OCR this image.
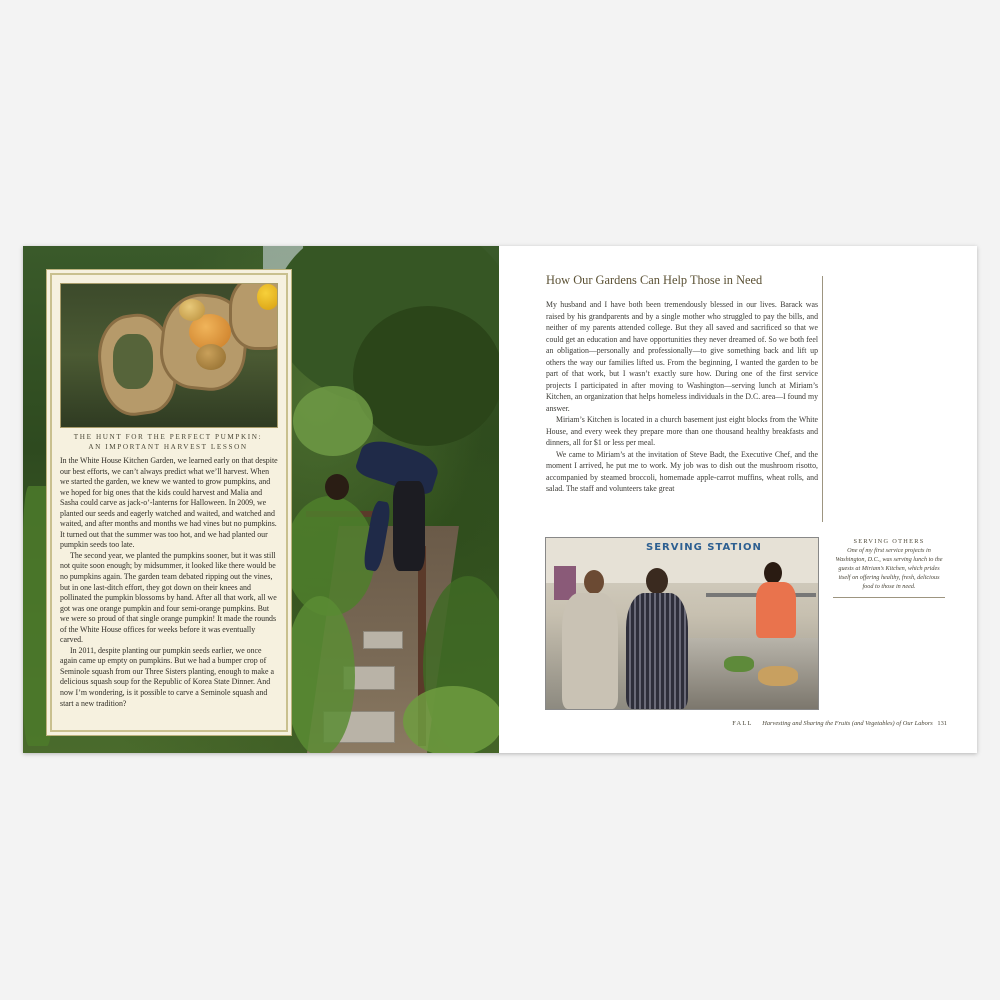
THE HUNT FOR THE PERFECT PUMPKIN:
AN IMPORTANT HARVEST LESSON

In the White House Kitchen Garden, we learned early on that despite our best efforts, we can’t always predict what we’ll harvest. When we started the garden, we knew we wanted to grow pumpkins, and we hoped for big ones that the kids could harvest and Malia and Sasha could carve as jack-o’-lanterns for Halloween. In 2009, we planted our seeds and eagerly watched and waited, and watched and waited, and after months and months we had vines but no pumpkins. It turned out that the summer was too hot, and we had planted our pumpkin seeds too late.

The second year, we planted the pumpkins sooner, but it was still not quite soon enough; by midsummer, it looked like there would be no pumpkins again. The garden team debated ripping out the vines, but in one last-ditch effort, they got down on their knees and pollinated the pumpkin blossoms by hand. After all that work, all we got was one orange pumpkin and four semi-orange pumpkins. But we were so proud of that single orange pumpkin! It made the rounds of the White House offices for weeks before it was eventually carved.

In 2011, despite planting our pumpkin seeds earlier, we once again came up empty on pumpkins. But we had a bumper crop of Seminole squash from our Three Sisters planting, enough to make a delicious squash soup for the Republic of Korea State Dinner. And now I’m wondering, is it possible to carve a Seminole squash and start a new tradition?

How Our Gardens Can Help Those in Need

My husband and I have both been tremendously blessed in our lives. Barack was raised by his grandparents and by a single mother who struggled to pay the bills, and neither of my parents attended college. But they all saved and sacrificed so that we could get an education and have opportunities they never dreamed of. So we both feel an obligation—personally and professionally—to give something back and lift up others the way our families lifted us. From the beginning, I wanted the garden to be part of that work, but I wasn’t exactly sure how. During one of the first service projects I participated in after moving to Washington—serving lunch at Miriam’s Kitchen, an organization that helps homeless individuals in the D.C. area—I found my answer.

Miriam’s Kitchen is located in a church basement just eight blocks from the White House, and every week they prepare more than one thousand healthy breakfasts and dinners, all for $1 or less per meal.

We came to Miriam’s at the invitation of Steve Badt, the Executive Chef, and the moment I arrived, he put me to work. My job was to dish out the mushroom risotto, accompanied by steamed broccoli, homemade apple-carrot muffins, wheat rolls, and salad. The staff and volunteers take great

SERVING STATION
SERVING OTHERS
One of my first service projects in Washington, D.C., was serving lunch to the guests at Miriam’s Kitchen, which prides itself on offering healthy, fresh, delicious food to those in need.
FALL Harvesting and Sharing the Fruits (and Vegetables) of Our Labors 131
